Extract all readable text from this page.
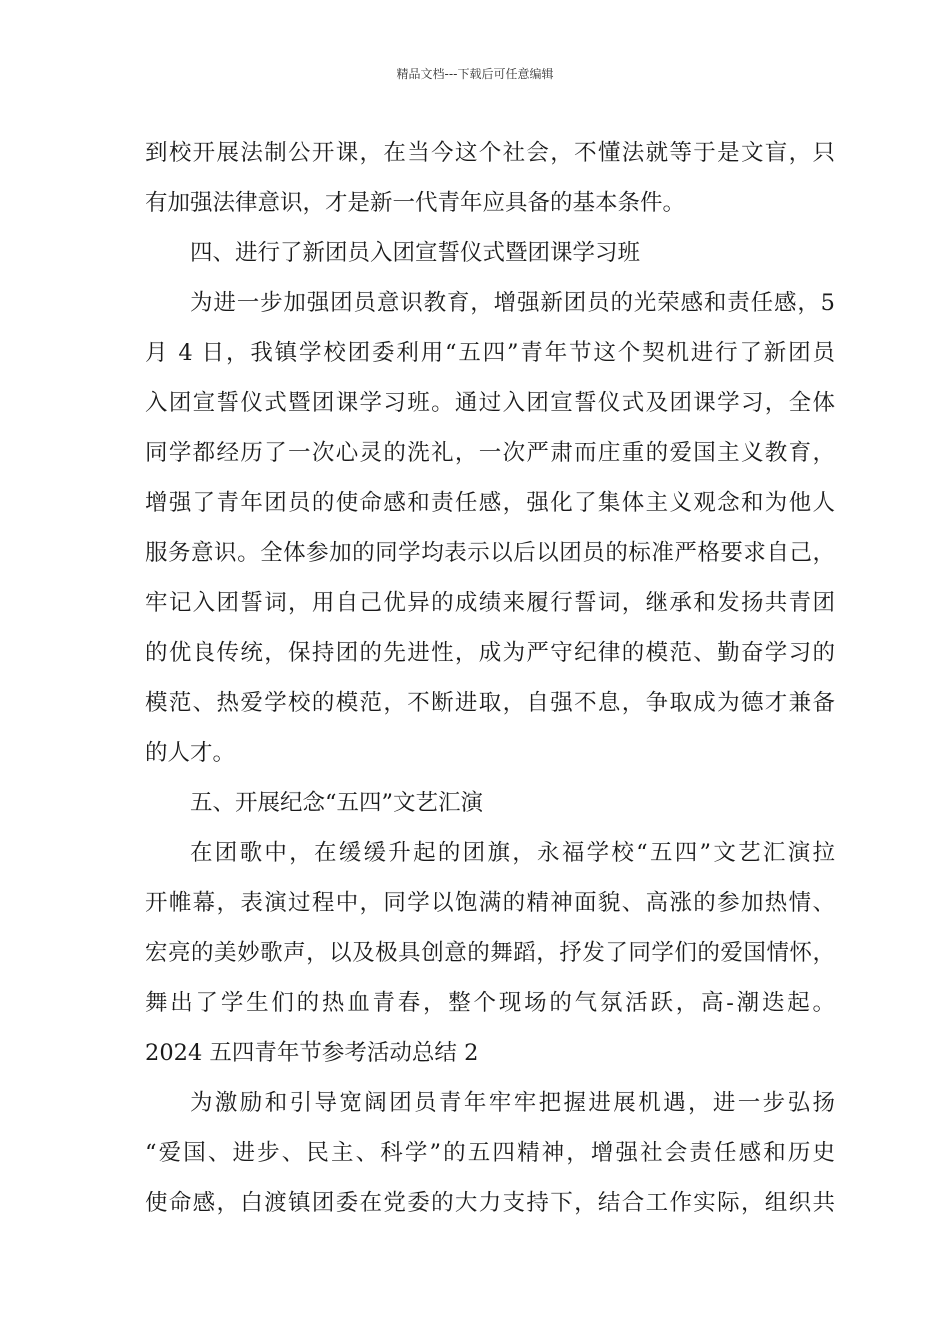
精品文档---下载后可任意编辑
到校开展法制公开课，在当今这个社会，不懂法就等于是文盲，只
有加强法律意识，才是新一代青年应具备的基本条件。
四、进行了新团员入团宣誓仪式暨团课学习班
为进一步加强团员意识教育，增强新团员的光荣感和责任感，5
月 4 日，我镇学校团委利用“五四”青年节这个契机进行了新团员
入团宣誓仪式暨团课学习班。通过入团宣誓仪式及团课学习，全体
同学都经历了一次心灵的洗礼，一次严肃而庄重的爱国主义教育，
增强了青年团员的使命感和责任感，强化了集体主义观念和为他人
服务意识。全体参加的同学均表示以后以团员的标准严格要求自己，
牢记入团誓词，用自己优异的成绩来履行誓词，继承和发扬共青团
的优良传统，保持团的先进性，成为严守纪律的模范、勤奋学习的
模范、热爱学校的模范，不断进取，自强不息，争取成为德才兼备
的人才。
五、开展纪念“五四”文艺汇演
在团歌中，在缓缓升起的团旗，永福学校“五四”文艺汇演拉
开帷幕，表演过程中，同学以饱满的精神面貌、高涨的参加热情、
宏亮的美妙歌声，以及极具创意的舞蹈，抒发了同学们的爱国情怀，
舞出了学生们的热血青春，整个现场的气氛活跃，高-潮迭起。
2024 五四青年节参考活动总结 2
为激励和引导宽阔团员青年牢牢把握进展机遇，进一步弘扬
“爱国、进步、民主、科学”的五四精神，增强社会责任感和历史
使命感，白渡镇团委在党委的大力支持下，结合工作实际，组织共
